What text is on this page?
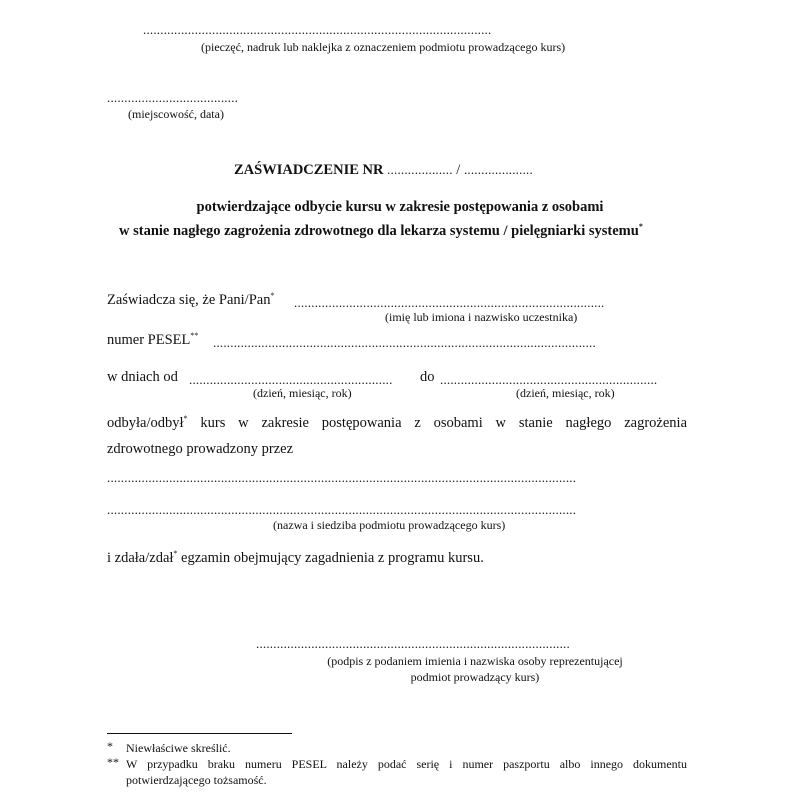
.....................................................................................................
(pieczęć, nadruk lub naklejka z oznaczeniem podmiotu prowadzącego kurs)
......................................
(miejscowość, data)
ZAŚWIADCZENIE NR ................... / ....................
potwierdzające odbycie kursu w zakresie postępowania z osobami
w stanie nagłego zagrożenia zdrowotnego dla lekarza systemu / pielęgniarki systemu*
Zaświadcza się, że Pani/Pan* ..........................................................................................
(imię lub imiona i nazwisko uczestnika)
numer PESEL** ...............................................................................................................
w dniach od ...........................................................
(dzień, miesiąc, rok)
do ...............................................................
(dzień, miesiąc, rok)
odbyła/odbył* kurs w zakresie postępowania z osobami w stanie nagłego zagrożenia
zdrowotnego prowadzony przez
........................................................................................................................................
........................................................................................................................................
(nazwa i siedziba podmiotu prowadzącego kurs)
i zdała/zdał* egzamin obejmujący zagadnienia z programu kursu.
...........................................................................................
(podpis z podaniem imienia i nazwiska osoby reprezentującej
podmiot prowadzący kurs)
* Niewłaściwe skreślić.
** W przypadku braku numeru PESEL należy podać serię i numer paszportu albo innego dokumentu
potwierdzającego tożsamość.
